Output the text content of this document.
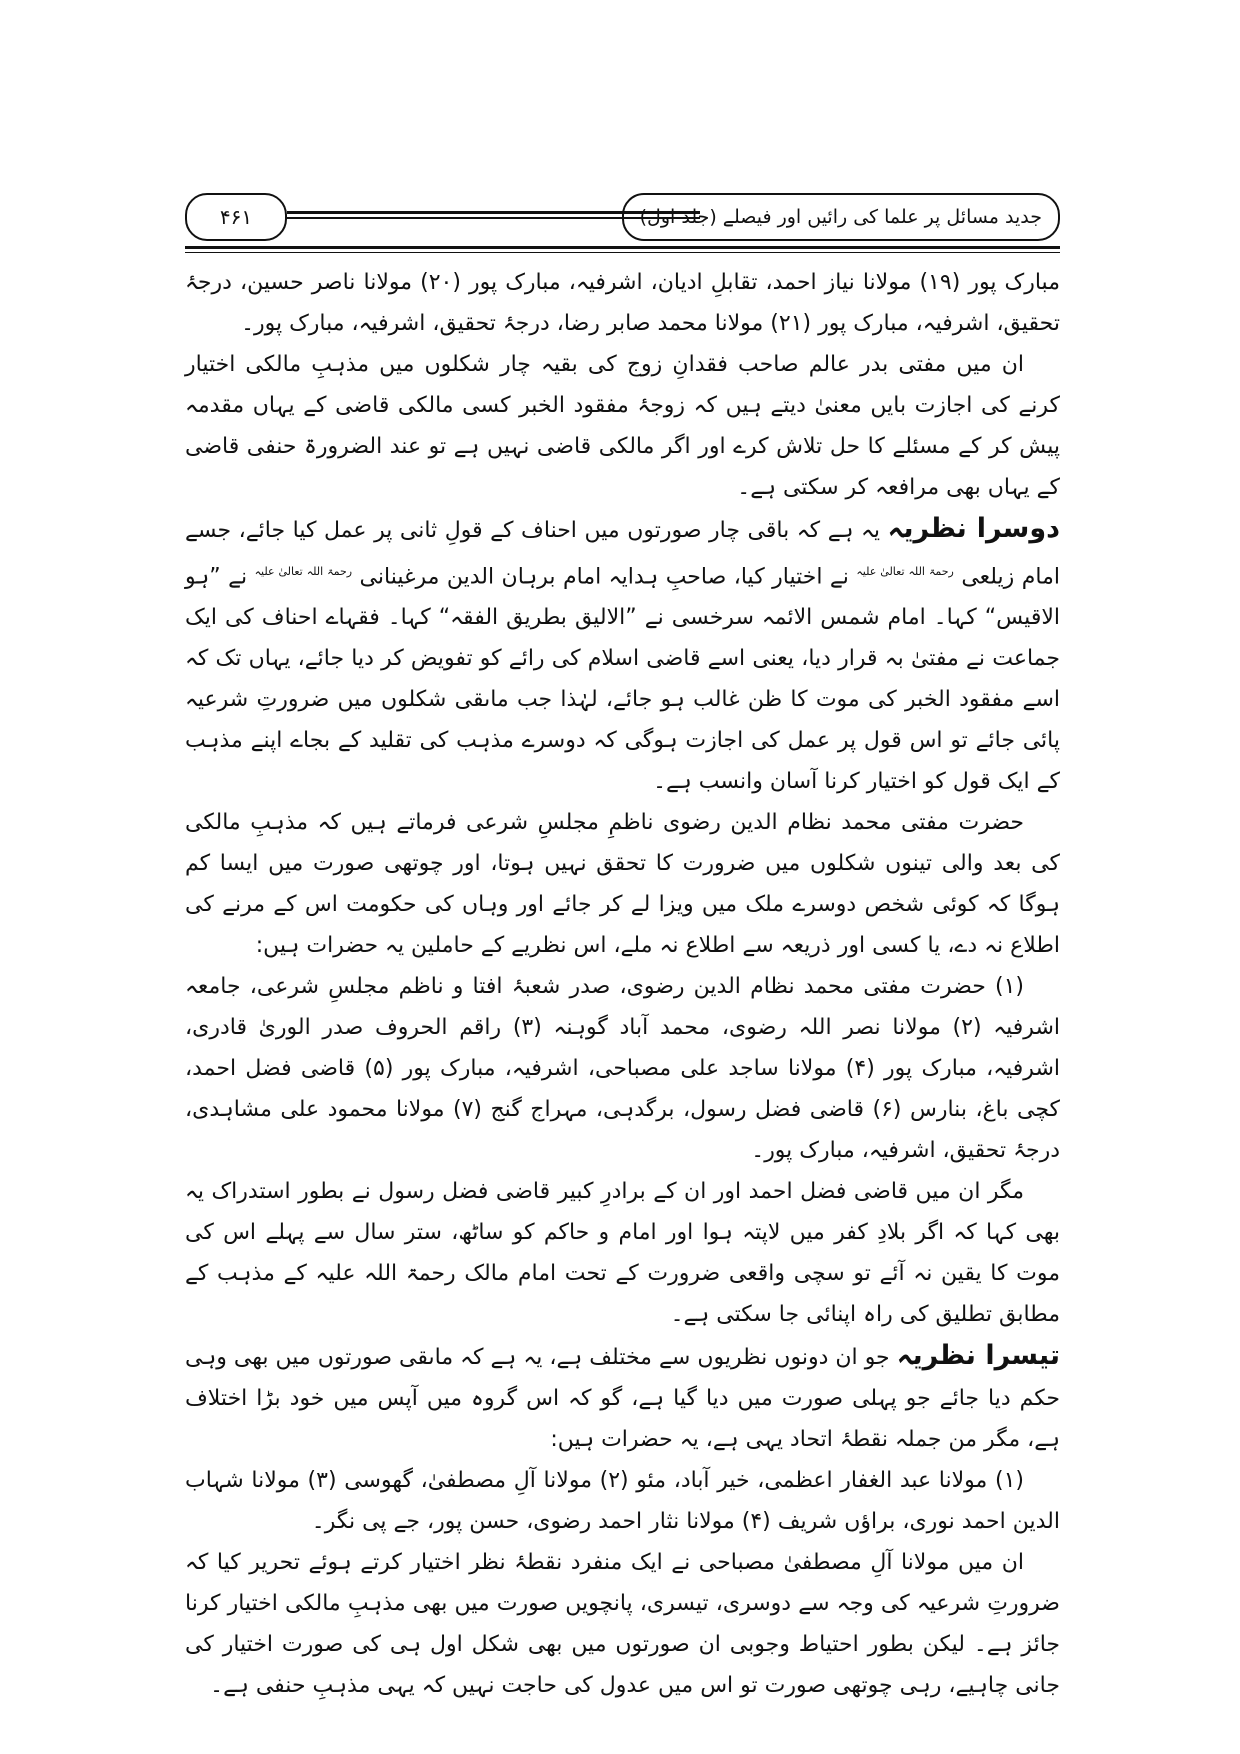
۴۶۱	جدید مسائل پر علما کی رائیں اور فیصلے (جلد اول)

مبارک پور (۱۹) مولانا نیاز احمد، تقابلِ ادیان، اشرفیہ، مبارک پور (۲۰) مولانا ناصر حسین، درجۂ تحقیق، اشرفیہ، مبارک پور (۲۱) مولانا محمد صابر رضا، درجۂ تحقیق، اشرفیہ، مبارک پور۔

ان میں مفتی بدر عالم صاحب فقدانِ زوج کی بقیہ چار شکلوں میں مذہبِ مالکی اختیار کرنے کی اجازت بایں معنیٰ دیتے ہیں کہ زوجۂ مفقود الخبر کسی مالکی قاضی کے یہاں مقدمہ پیش کر کے مسئلے کا حل تلاش کرے اور اگر مالکی قاضی نہیں ہے تو عند الضرورۃ حنفی قاضی کے یہاں بھی مرافعہ کر سکتی ہے۔

دوسرا نظریہ یہ ہے کہ باقی چار صورتوں میں احناف کے قولِ ثانی پر عمل کیا جائے، جسے امام زیلعی $^{رحمۃ اللہ تعالیٰ علیہ}$ نے اختیار کیا، صاحبِ ہدایہ امام برہان الدین مرغینانی $^{رحمۃ اللہ تعالیٰ علیہ}$ نے ”ہو الاقیس“ کہا۔ امام شمس الائمہ سرخسی نے ”الالیق بطریق الفقہ“ کہا۔ فقہاے احناف کی ایک جماعت نے مفتیٰ بہ قرار دیا، یعنی اسے قاضی اسلام کی رائے کو تفویض کر دیا جائے، یہاں تک کہ اسے مفقود الخبر کی موت کا ظن غالب ہو جائے، لہٰذا جب ماںقی شکلوں میں ضرورتِ شرعیہ پائی جائے تو اس قول پر عمل کی اجازت ہوگی کہ دوسرے مذہب کی تقلید کے بجاے اپنے مذہب کے ایک قول کو اختیار کرنا آسان وانسب ہے۔

حضرت مفتی محمد نظام الدین رضوی ناظمِ مجلسِ شرعی فرماتے ہیں کہ مذہبِ مالکی کی بعد والی تینوں شکلوں میں ضرورت کا تحقق نہیں ہوتا، اور چوتھی صورت میں ایسا کم ہوگا کہ کوئی شخص دوسرے ملک میں ویزا لے کر جائے اور وہاں کی حکومت اس کے مرنے کی اطلاع نہ دے، یا کسی اور ذریعہ سے اطلاع نہ ملے، اس نظریے کے حاملین یہ حضرات ہیں:

(۱) حضرت مفتی محمد نظام الدین رضوی، صدر شعبۂ افتا و ناظم مجلسِ شرعی، جامعہ اشرفیہ (۲) مولانا نصر اللہ رضوی، محمد آباد گوہنہ (۳) راقم الحروف صدر الوریٰ قادری، اشرفیہ، مبارک پور (۴) مولانا ساجد علی مصباحی، اشرفیہ، مبارک پور (۵) قاضی فضل احمد، کچی باغ، بنارس (۶) قاضی فضل رسول، برگدہی، مہراج گنج (۷) مولانا محمود علی مشاہدی، درجۂ تحقیق، اشرفیہ، مبارک پور۔

مگر ان میں قاضی فضل احمد اور ان کے برادرِ کبیر قاضی فضل رسول نے بطور استدراک یہ بھی کہا کہ اگر بلادِ کفر میں لاپتہ ہوا اور امام و حاکم کو ساٹھ، ستر سال سے پہلے اس کی موت کا یقین نہ آئے تو سچی واقعی ضرورت کے تحت امام مالک رحمۃ اللہ علیہ کے مذہب کے مطابق تطلیق کی راہ اپنائی جا سکتی ہے۔

تیسرا نظریہ جو ان دونوں نظریوں سے مختلف ہے، یہ ہے کہ ماںقی صورتوں میں بھی وہی حکم دیا جائے جو پہلی صورت میں دیا گیا ہے، گو کہ اس گروہ میں آپس میں خود بڑا اختلاف ہے، مگر من جملہ نقطۂ اتحاد یہی ہے، یہ حضرات ہیں:

(۱) مولانا عبد الغفار اعظمی، خیر آباد، مئو (۲) مولانا آلِ مصطفیٰ، گھوسی (۳) مولانا شہاب الدین احمد نوری، براؤں شریف (۴) مولانا نثار احمد رضوی، حسن پور، جے پی نگر۔

ان میں مولانا آلِ مصطفیٰ مصباحی نے ایک منفرد نقطۂ نظر اختیار کرتے ہوئے تحریر کیا کہ ضرورتِ شرعیہ کی وجہ سے دوسری، تیسری، پانچویں صورت میں بھی مذہبِ مالکی اختیار کرنا جائز ہے۔ لیکن بطور احتیاط وجوبی ان صورتوں میں بھی شکل اول ہی کی صورت اختیار کی جانی چاہیے، رہی چوتھی صورت تو اس میں عدول کی حاجت نہیں کہ یہی مذہبِ حنفی ہے۔
